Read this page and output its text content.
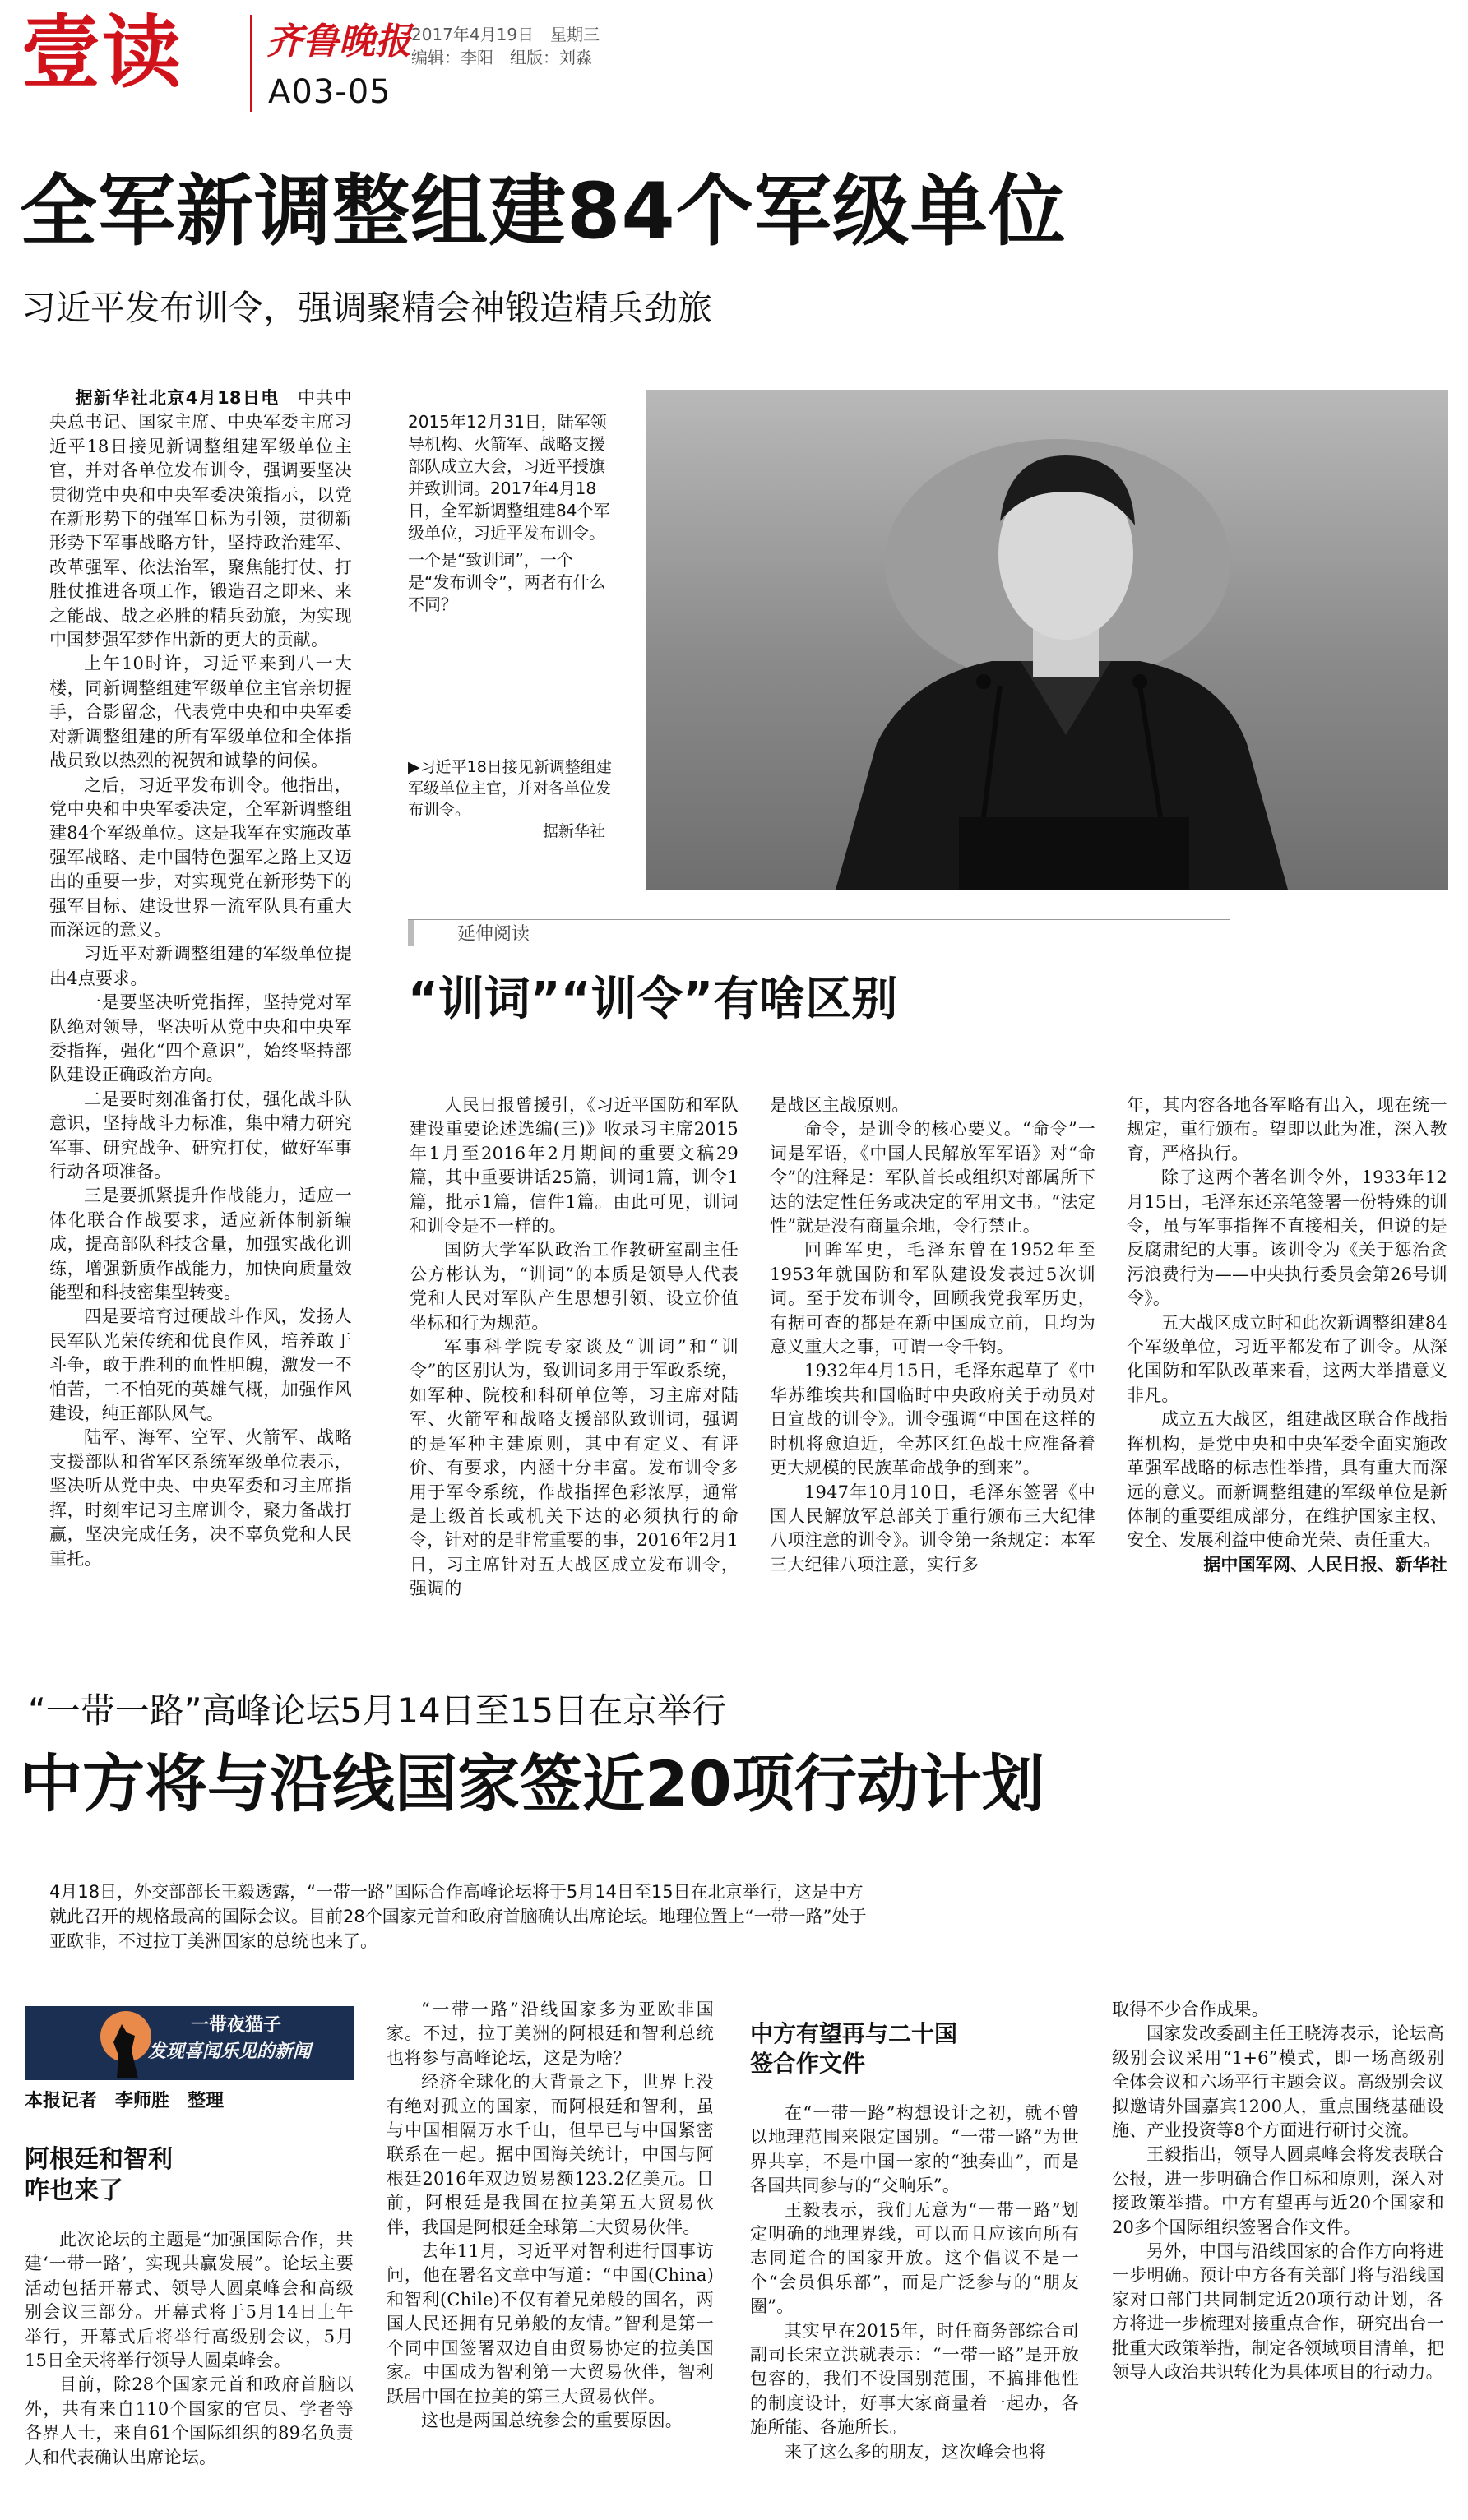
壹读 齐鲁晚报 2017年4月19日　星期三
编辑：李阳　组版：刘淼
A03-05
全军新调整组建84个军级单位
习近平发布训令，强调聚精会神锻造精兵劲旅

据新华社北京4月18日电　 中共中央总书记、国家主席、中央军委主席习近平18日接见新调整组建军级单位主官，并对各单位发布训令，强调要坚决贯彻党中央和中央军委决策指示，以党在新形势下的强军目标为引领，贯彻新形势下军事战略方针，坚持政治建军、改革强军、依法治军，聚焦能打仗、打胜仗推进各项工作，锻造召之即来、来之能战、战之必胜的精兵劲旅，为实现中国梦强军梦作出新的更大的贡献。

上午10时许，习近平来到八一大楼，同新调整组建军级单位主官亲切握手，合影留念，代表党中央和中央军委对新调整组建的所有军级单位和全体指战员致以热烈的祝贺和诚挚的问候。

之后，习近平发布训令。他指出，党中央和中央军委决定，全军新调整组建84个军级单位。这是我军在实施改革强军战略、走中国特色强军之路上又迈出的重要一步，对实现党在新形势下的强军目标、建设世界一流军队具有重大而深远的意义。

习近平对新调整组建的军级单位提出4点要求。

一是要坚决听党指挥，坚持党对军队绝对领导，坚决听从党中央和中央军委指挥，强化“四个意识”，始终坚持部队建设正确政治方向。

二是要时刻准备打仗，强化战斗队意识，坚持战斗力标准，集中精力研究军事、研究战争、研究打仗，做好军事行动各项准备。

三是要抓紧提升作战能力，适应一体化联合作战要求，适应新体制新编成，提高部队科技含量，加强实战化训练，增强新质作战能力，加快向质量效能型和科技密集型转变。

四是要培育过硬战斗作风，发扬人民军队光荣传统和优良作风，培养敢于斗争，敢于胜利的血性胆魄，激发一不怕苦，二不怕死的英雄气概，加强作风建设，纯正部队风气。

陆军、海军、空军、火箭军、战略支援部队和省军区系统军级单位表示，坚决听从党中央、中央军委和习主席指挥，时刻牢记习主席训令，聚力备战打赢，坚决完成任务，决不辜负党和人民重托。

2015年12月31日，陆军领导机构、火箭军、战略支援部队成立大会，习近平授旗并致训词。2017年4月18日，全军新调整组建84个军级单位，习近平发布训令。
一个是“致训词”，一个是“发布训令”，两者有什么不同？
▶习近平18日接见新调整组建军级单位主官，并对各单位发布训令。
据新华社
延伸阅读
“训词”“训令”有啥区别

人民日报曾援引，《习近平国防和军队建设重要论述选编(三)》收录习主席2015年1月至2016年2月期间的重要文稿29篇，其中重要讲话25篇，训词1篇，训令1篇，批示1篇，信件1篇。由此可见，训词和训令是不一样的。

国防大学军队政治工作教研室副主任公方彬认为，“训词”的本质是领导人代表党和人民对军队产生思想引领、设立价值坐标和行为规范。

军事科学院专家谈及“训词”和“训令”的区别认为，致训词多用于军政系统，如军种、院校和科研单位等，习主席对陆军、火箭军和战略支援部队致训词，强调的是军种主建原则，其中有定义、有评价、有要求，内涵十分丰富。发布训令多用于军令系统，作战指挥色彩浓厚，通常是上级首长或机关下达的必须执行的命令，针对的是非常重要的事，2016年2月1日，习主席针对五大战区成立发布训令，强调的

是战区主战原则。

命令，是训令的核心要义。“命令”一词是军语，《中国人民解放军军语》对“命令”的注释是：军队首长或组织对部属所下达的法定性任务或决定的军用文书。“法定性”就是没有商量余地，令行禁止。

回眸军史，毛泽东曾在1952年至1953年就国防和军队建设发表过5次训词。至于发布训令，回顾我党我军历史，有据可查的都是在新中国成立前，且均为意义重大之事，可谓一令千钧。

1932年4月15日，毛泽东起草了《中华苏维埃共和国临时中央政府关于动员对日宣战的训令》。训令强调“中国在这样的时机将愈迫近，全苏区红色战士应准备着更大规模的民族革命战争的到来”。

1947年10月10日，毛泽东签署《中国人民解放军总部关于重行颁布三大纪律八项注意的训令》。训令第一条规定：本军三大纪律八项注意，实行多

年，其内容各地各军略有出入，现在统一规定，重行颁布。望即以此为准，深入教育，严格执行。

除了这两个著名训令外，1933年12月15日，毛泽东还亲笔签署一份特殊的训令，虽与军事指挥不直接相关，但说的是反腐肃纪的大事。该训令为《关于惩治贪污浪费行为——中央执行委员会第26号训令》。

五大战区成立时和此次新调整组建84个军级单位，习近平都发布了训令。从深化国防和军队改革来看，这两大举措意义非凡。

成立五大战区，组建战区联合作战指挥机构，是党中央和中央军委全面实施改革强军战略的标志性举措，具有重大而深远的意义。而新调整组建的军级单位是新体制的重要组成部分，在维护国家主权、安全、发展利益中使命光荣、责任重大。

据中国军网、人民日报、新华社

“一带一路”高峰论坛5月14日至15日在京举行
中方将与沿线国家签近20项行动计划
4月18日，外交部部长王毅透露，“一带一路”国际合作高峰论坛将于5月14日至15日在北京举行，这是中方就此召开的规格最高的国际会议。目前28个国家元首和政府首脑确认出席论坛。地理位置上“一带一路”处于亚欧非，不过拉丁美洲国家的总统也来了。
一带夜猫子
发现喜闻乐见的新闻
本报记者　李师胜　整理
阿根廷和智利
咋也来了

此次论坛的主题是“加强国际合作，共建‘一带一路’，实现共赢发展”。论坛主要活动包括开幕式、领导人圆桌峰会和高级别会议三部分。开幕式将于5月14日上午举行，开幕式后将举行高级别会议，5月15日全天将举行领导人圆桌峰会。

目前，除28个国家元首和政府首脑以外，共有来自110个国家的官员、学者等各界人士，来自61个国际组织的89名负责人和代表确认出席论坛。

“一带一路”沿线国家多为亚欧非国家。不过，拉丁美洲的阿根廷和智利总统也将参与高峰论坛，这是为啥？

经济全球化的大背景之下，世界上没有绝对孤立的国家，而阿根廷和智利，虽与中国相隔万水千山，但早已与中国紧密联系在一起。据中国海关统计，中国与阿根廷2016年双边贸易额123.2亿美元。目前，阿根廷是我国在拉美第五大贸易伙伴，我国是阿根廷全球第二大贸易伙伴。

去年11月，习近平对智利进行国事访问，他在署名文章中写道：“中国(China)和智利(Chile)不仅有着兄弟般的国名，两国人民还拥有兄弟般的友情。”智利是第一个同中国签署双边自由贸易协定的拉美国家。中国成为智利第一大贸易伙伴，智利跃居中国在拉美的第三大贸易伙伴。

这也是两国总统参会的重要原因。

中方有望再与二十国
签合作文件

在“一带一路”构想设计之初，就不曾以地理范围来限定国别。“一带一路”为世界共享，不是中国一家的“独奏曲”，而是各国共同参与的“交响乐”。

王毅表示，我们无意为“一带一路”划定明确的地理界线，可以而且应该向所有志同道合的国家开放。这个倡议不是一个“会员俱乐部”，而是广泛参与的“朋友圈”。

其实早在2015年，时任商务部综合司副司长宋立洪就表示：“一带一路”是开放包容的，我们不设国别范围，不搞排他性的制度设计，好事大家商量着一起办，各施所能、各施所长。

来了这么多的朋友，这次峰会也将

取得不少合作成果。

国家发改委副主任王晓涛表示，论坛高级别会议采用“1+6”模式，即一场高级别全体会议和六场平行主题会议。高级别会议拟邀请外国嘉宾1200人，重点围绕基础设施、产业投资等8个方面进行研讨交流。

王毅指出，领导人圆桌峰会将发表联合公报，进一步明确合作目标和原则，深入对接政策举措。中方有望再与近20个国家和20多个国际组织签署合作文件。

另外，中国与沿线国家的合作方向将进一步明确。预计中方各有关部门将与沿线国家对口部门共同制定近20项行动计划，各方将进一步梳理对接重点合作，研究出台一批重大政策举措，制定各领域项目清单，把领导人政治共识转化为具体项目的行动力。
